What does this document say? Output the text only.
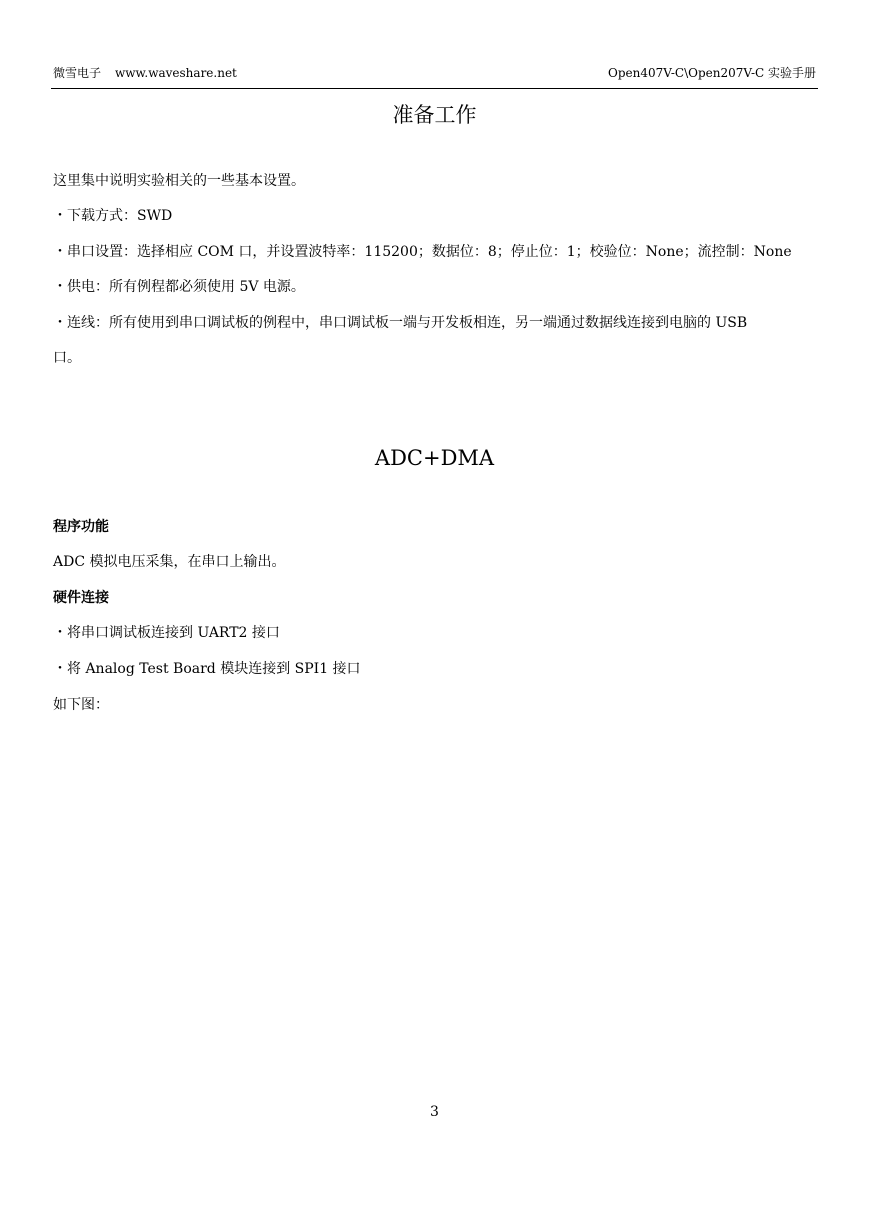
微雪电子 www.waveshare.net	Open407V-C\Open207V-C 实验手册
准备工作
这里集中说明实验相关的一些基本设置。
・下载方式：SWD
・串口设置：选择相应 COM 口，并设置波特率：115200；数据位：8；停止位：1；校验位：None；流控制：None
・供电：所有例程都必须使用 5V 电源。
・连线：所有使用到串口调试板的例程中，串口调试板一端与开发板相连，另一端通过数据线连接到电脑的 USB
口。
ADC+DMA
程序功能
ADC 模拟电压采集，在串口上输出。
硬件连接
・将串口调试板连接到 UART2 接口
・将 Analog Test Board 模块连接到 SPI1 接口
如下图：
3
